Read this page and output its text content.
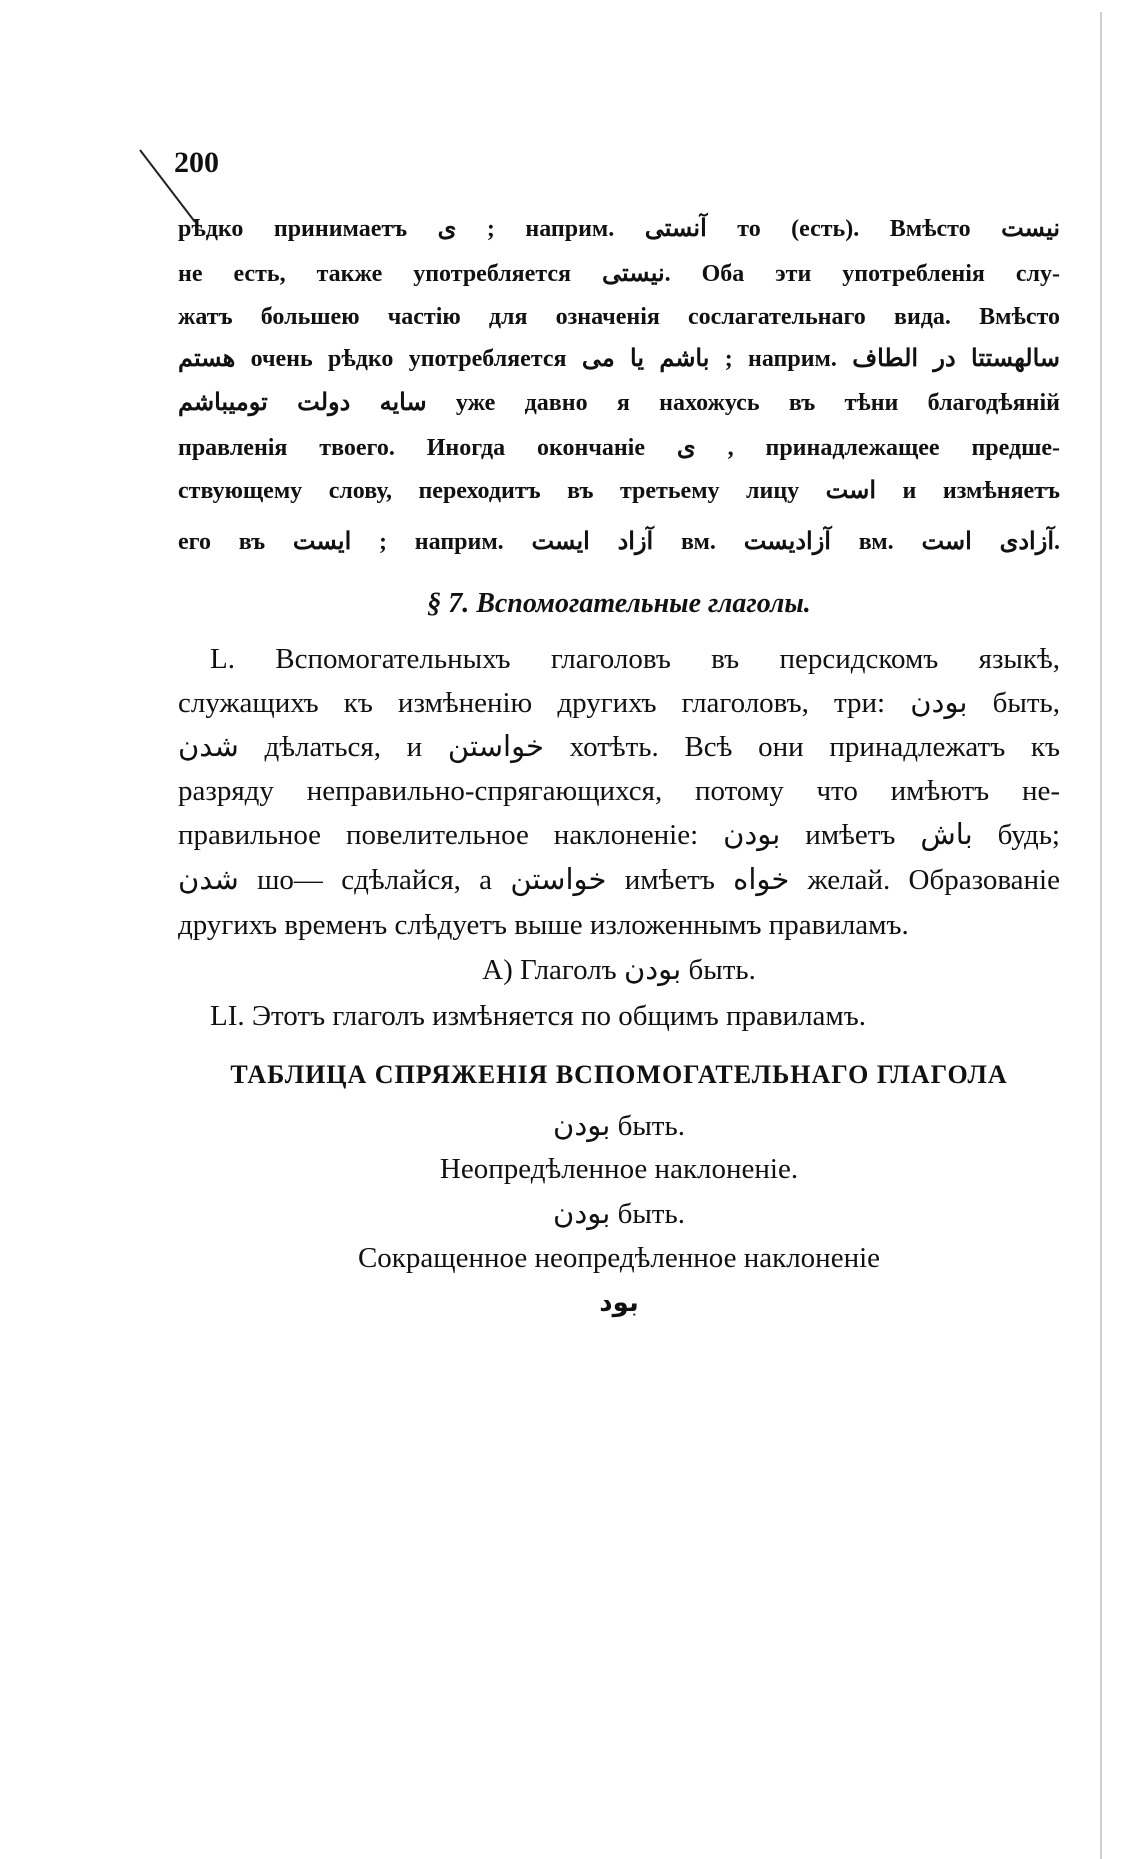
200
рѣдко принимаетъ ی ; наприм. آنستی то (есть). Вмѣсто نیست
не есть, также употребляется نیستی. Оба эти употребленія слу-
жатъ большею частію для означенія сослагательнаго вида. Вмѣсто
هستم очень рѣдко употребляется باشم یا می ; наприм. سالهستتا در الطاف
سایه دولت تومیباشم уже давно я нахожусь въ тѣни благодѣяній
правленія твоего. Иногда окончаніе ی , принадлежащее предше-
ствующему слову, переходитъ въ третьему лицу است и измѣняетъ
его въ ایست ; наприм. آزاد ایست вм. آزادیست вм. آزادی است.
§ 7. Вспомогательные глаголы.
L. Вспомогательныхъ глаголовъ въ персидскомъ языкѣ,
служащихъ къ измѣненію другихъ глаголовъ, три: بودن быть,
شدن дѣлаться, и خواستن хотѣть. Всѣ они принадлежатъ къ
разряду неправильно-спрягающихся, потому что имѣютъ не-
правильное повелительное наклоненіе: بودن имѣетъ باش будь;
شدن шо— сдѣлайся, а خواستن имѣетъ خواه желай. Образованіе
другихъ временъ слѣдуетъ выше изложеннымъ правиламъ.
А) Глаголъ بودن быть.
LI. Этотъ глаголъ измѣняется по общимъ правиламъ.
ТАБЛИЦА СПРЯЖЕНІЯ ВСПОМОГАТЕЛЬНАГО ГЛАГОЛА
بودن быть.
Неопредѣленное наклоненіе.
بودن быть.
Сокращенное неопредѣленное наклоненіе
بود
